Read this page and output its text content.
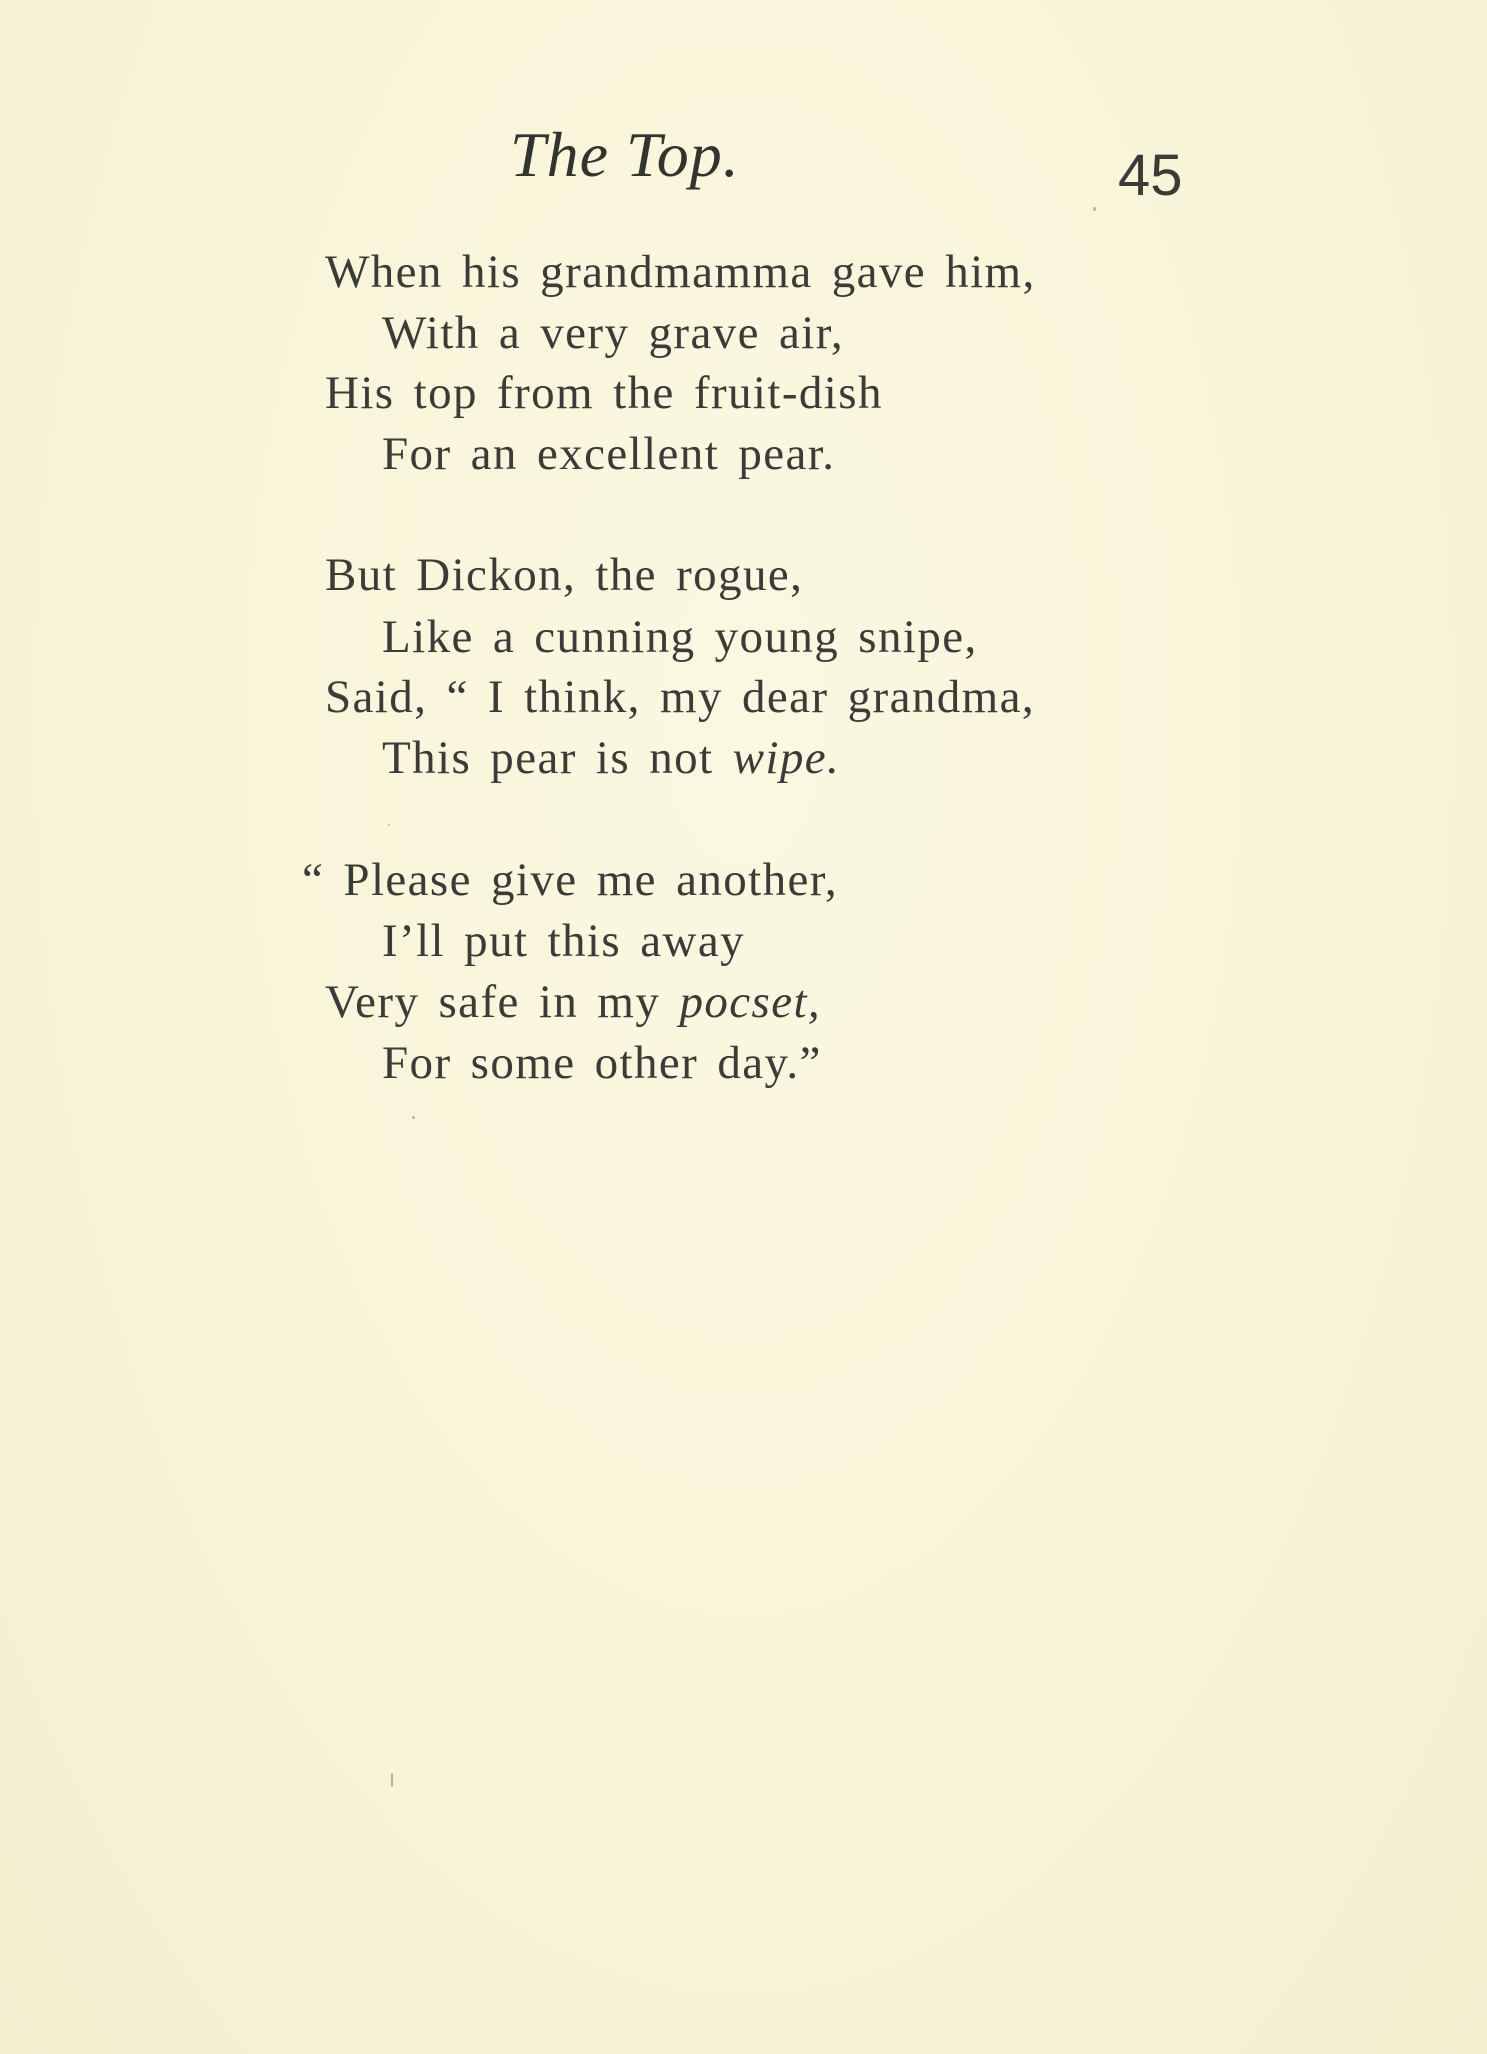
The Top.	45
When his grandmamma gave him,
With a very grave air,
His top from the fruit-dish
For an excellent pear.
But Dickon, the rogue,
Like a cunning young snipe,
Said, “ I think, my dear grandma,
This pear is not wipe.
“ Please give me another,
I’ll put this away
Very safe in my pocset,
For some other day.”
